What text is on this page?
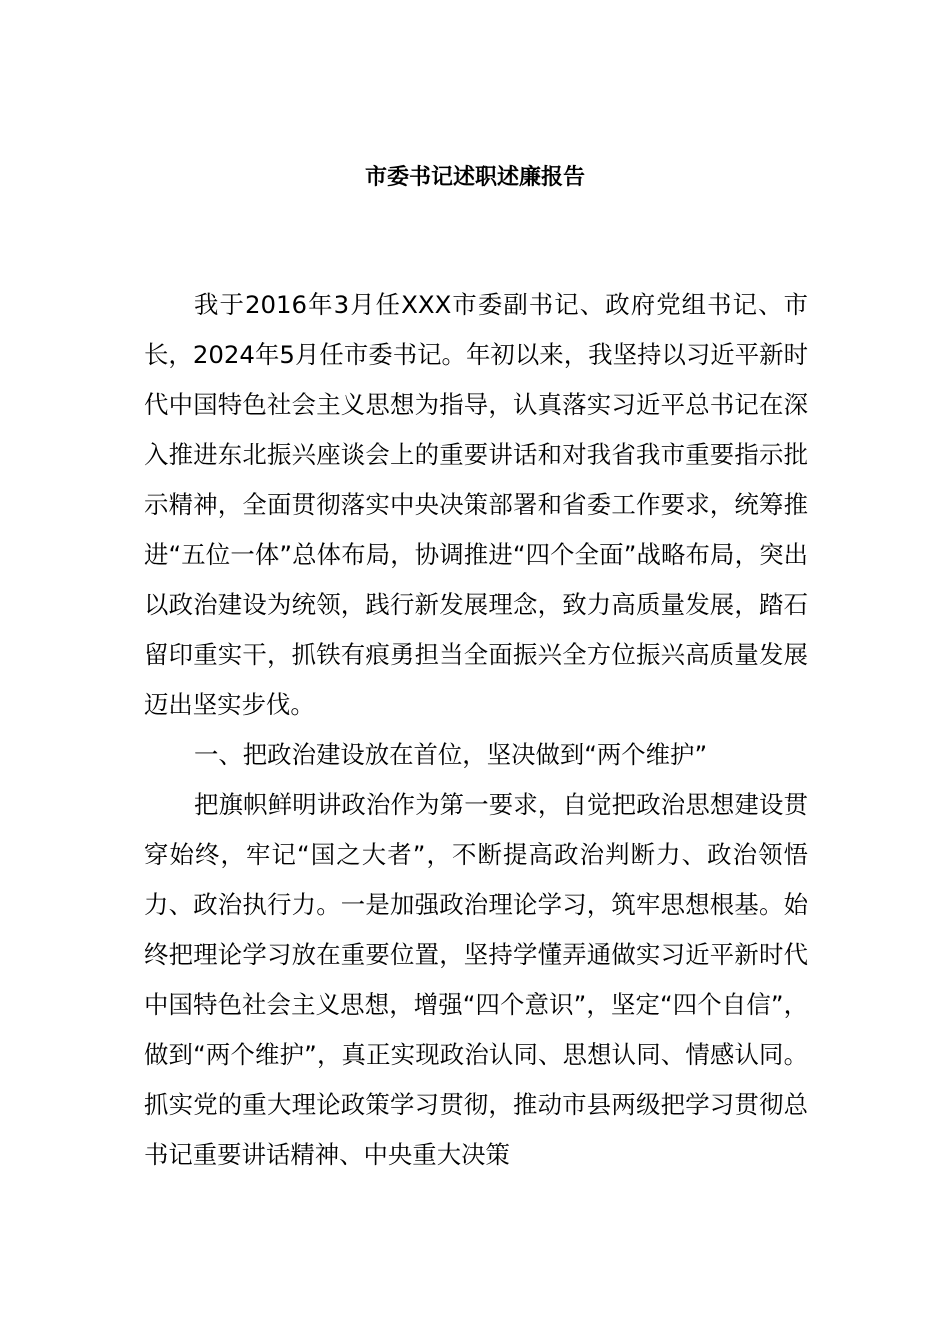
市委书记述职述廉报告

我于2016年3月任XXX市委副书记、政府党组书记、市长，2024年5月任市委书记。年初以来，我坚持以习近平新时代中国特色社会主义思想为指导，认真落实习近平总书记在深入推进东北振兴座谈会上的重要讲话和对我省我市重要指示批示精神，全面贯彻落实中央决策部署和省委工作要求，统筹推进“五位一体”总体布局，协调推进“四个全面”战略布局，突出以政治建设为统领，践行新发展理念，致力高质量发展，踏石留印重实干，抓铁有痕勇担当全面振兴全方位振兴高质量发展迈出坚实步伐。

一、把政治建设放在首位，坚决做到“两个维护”

把旗帜鲜明讲政治作为第一要求，自觉把政治思想建设贯穿始终，牢记“国之大者”，不断提高政治判断力、政治领悟力、政治执行力。一是加强政治理论学习，筑牢思想根基。始终把理论学习放在重要位置，坚持学懂弄通做实习近平新时代中国特色社会主义思想，增强“四个意识”，坚定“四个自信”，做到“两个维护”，真正实现政治认同、思想认同、情感认同。抓实党的重大理论政策学习贯彻，推动市县两级把学习贯彻总书记重要讲话精神、中央重大决策
